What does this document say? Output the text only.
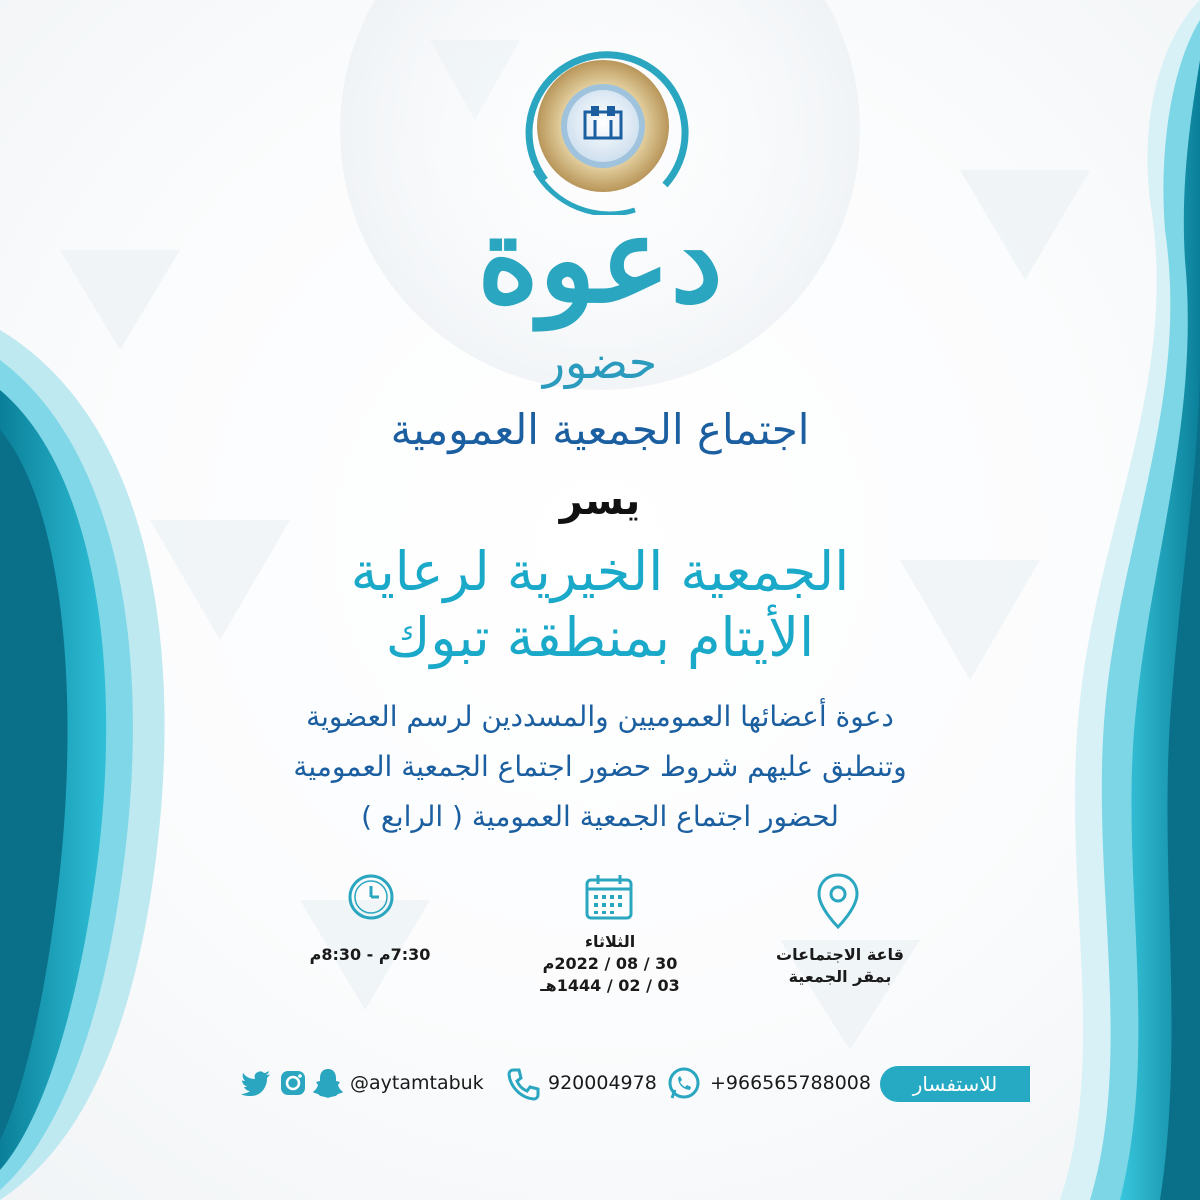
دعوة
حضور
اجتماع الجمعية العمومية
يسر
الجمعية الخيرية لرعاية
الأيتام بمنطقة تبوك
دعوة أعضائها العموميين والمسددين لرسم العضوية
وتنطبق عليهم شروط حضور اجتماع الجمعية العمومية
لحضور اجتماع الجمعية العمومية ( الرابع )
قاعة الاجتماعات
بمقر الجمعية
الثلاثاء
30 / 08 / 2022م
03 / 02 / 1444هـ
7:30م - 8:30م
للاستفسار
+966565788008
920004978
@aytamtabuk
